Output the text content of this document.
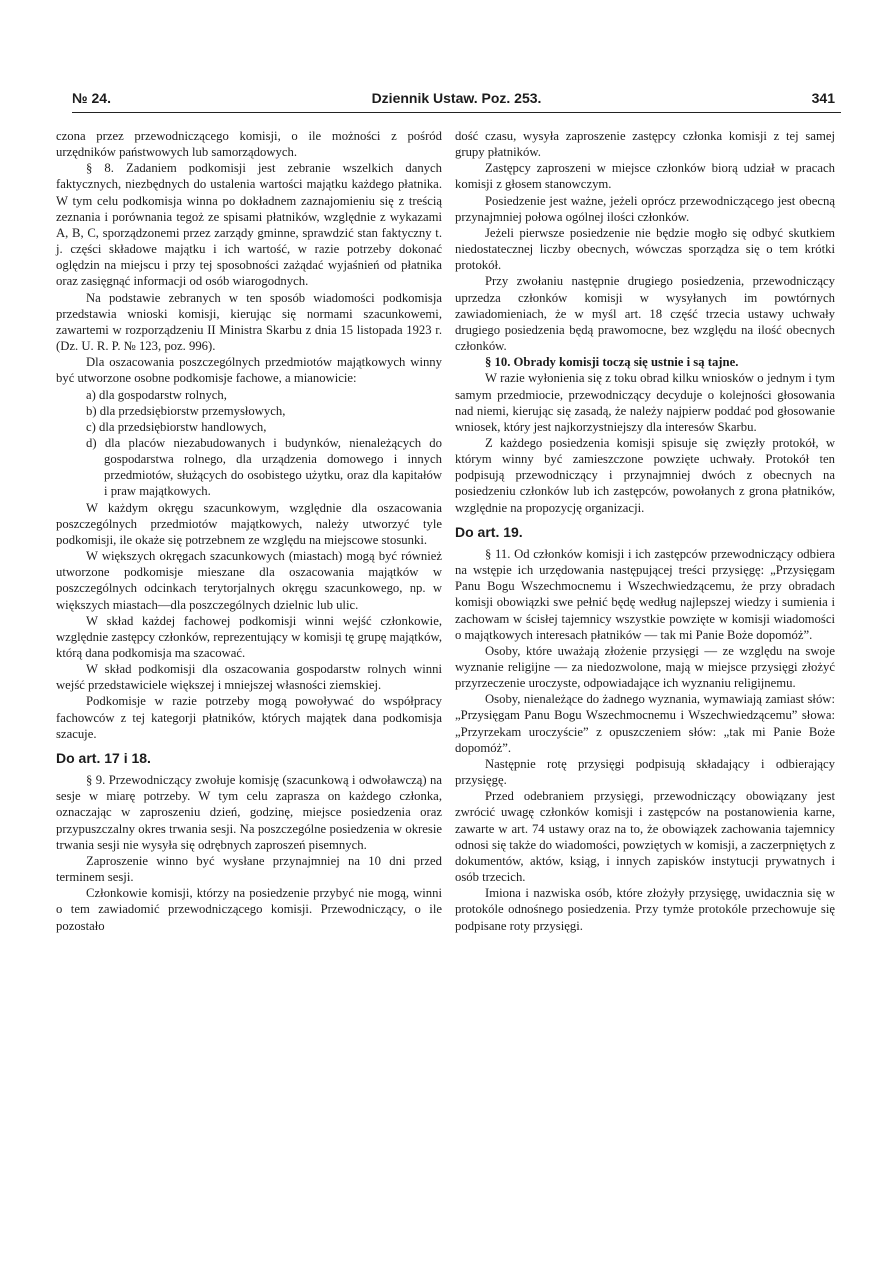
№ 24.	Dziennik Ustaw. Poz. 253.	341

czona przez przewodniczącego komisji, o ile możności z pośród urzędników państwowych lub samorządowych.

§ 8. Zadaniem podkomisji jest zebranie wszelkich danych faktycznych, niezbędnych do ustalenia wartości majątku każdego płatnika. W tym celu podkomisja winna po dokładnem zaznajomieniu się z treścią zeznania i porównania tegoż ze spisami płatników, względnie z wykazami A, B, C, sporządzonemi przez zarządy gminne, sprawdzić stan faktyczny t. j. części składowe majątku i ich wartość, w razie potrzeby dokonać oględzin na miejscu i przy tej sposobności zażądać wyjaśnień od płatnika oraz zasięgnąć informacji od osób wiarogodnych.

Na podstawie zebranych w ten sposób wiadomości podkomisja przedstawia wnioski komisji, kierując się normami szacunkowemi, zawartemi w rozporządzeniu II Ministra Skarbu z dnia 15 listopada 1923 r. (Dz. U. R. P. № 123, poz. 996).

Dla oszacowania poszczególnych przedmiotów majątkowych winny być utworzone osobne podkomisje fachowe, a mianowicie:

a) dla gospodarstw rolnych,
b) dla przedsiębiorstw przemysłowych,
c) dla przedsiębiorstw handlowych,
d) dla placów niezabudowanych i budynków, nienależących do gospodarstwa rolnego, dla urządzenia domowego i innych przedmiotów, służących do osobistego użytku, oraz dla kapitałów i praw majątkowych.

W każdym okręgu szacunkowym, względnie dla oszacowania poszczególnych przedmiotów majątkowych, należy utworzyć tyle podkomisji, ile okaże się potrzebnem ze względu na miejscowe stosunki.

W większych okręgach szacunkowych (miastach) mogą być również utworzone podkomisje mieszane dla oszacowania majątków w poszczególnych odcinkach terytorjalnych okręgu szacunkowego, np. w większych miastach—dla poszczególnych dzielnic lub ulic.

W skład każdej fachowej podkomisji winni wejść członkowie, względnie zastępcy członków, reprezentujący w komisji tę grupę majątków, którą dana podkomisja ma szacować.

W skład podkomisji dla oszacowania gospodarstw rolnych winni wejść przedstawiciele większej i mniejszej własności ziemskiej.

Podkomisje w razie potrzeby mogą powoływać do współpracy fachowców z tej kategorji płatników, których majątek dana podkomisja szacuje.

Do art. 17 i 18.

§ 9. Przewodniczący zwołuje komisję (szacunkową i odwoławczą) na sesje w miarę potrzeby. W tym celu zaprasza on każdego członka, oznaczając w zaproszeniu dzień, godzinę, miejsce posiedzenia oraz przypuszczalny okres trwania sesji. Na poszczególne posiedzenia w okresie trwania sesji nie wysyła się odrębnych zaproszeń pisemnych.

Zaproszenie winno być wysłane przynajmniej na 10 dni przed terminem sesji.

Członkowie komisji, którzy na posiedzenie przybyć nie mogą, winni o tem zawiadomić przewodniczącego komisji. Przewodniczący, o ile pozostało

dość czasu, wysyła zaproszenie zastępcy członka komisji z tej samej grupy płatników.

Zastępcy zaproszeni w miejsce członków biorą udział w pracach komisji z głosem stanowczym.

Posiedzenie jest ważne, jeżeli oprócz przewodniczącego jest obecną przynajmniej połowa ogólnej ilości członków.

Jeżeli pierwsze posiedzenie nie będzie mogło się odbyć skutkiem niedostatecznej liczby obecnych, wówczas sporządza się o tem krótki protokół.

Przy zwołaniu następnie drugiego posiedzenia, przewodniczący uprzedza członków komisji w wysyłanych im powtórnych zawiadomieniach, że w myśl art. 18 część trzecia ustawy uchwały drugiego posiedzenia będą prawomocne, bez względu na ilość obecnych członków.

§ 10. Obrady komisji toczą się ustnie i są tajne.

W razie wyłonienia się z toku obrad kilku wniosków o jednym i tym samym przedmiocie, przewodniczący decyduje o kolejności głosowania nad niemi, kierując się zasadą, że należy najpierw poddać pod głosowanie wniosek, który jest najkorzystniejszy dla interesów Skarbu.

Z każdego posiedzenia komisji spisuje się zwięzły protokół, w którym winny być zamieszczone powzięte uchwały. Protokół ten podpisują przewodniczący i przynajmniej dwóch z obecnych na posiedzeniu członków lub ich zastępców, powołanych z grona płatników, względnie na propozycję organizacji.

Do art. 19.

§ 11. Od członków komisji i ich zastępców przewodniczący odbiera na wstępie ich urzędowania następującej treści przysięgę: „Przysięgam Panu Bogu Wszechmocnemu i Wszechwiedzącemu, że przy obradach komisji obowiązki swe pełnić będę według najlepszej wiedzy i sumienia i zachowam w ścisłej tajemnicy wszystkie powzięte w komisji wiadomości o majątkowych interesach płatników — tak mi Panie Boże dopomóż”.

Osoby, które uważają złożenie przysięgi — ze względu na swoje wyznanie religijne — za niedozwolone, mają w miejsce przysięgi złożyć przyrzeczenie uroczyste, odpowiadające ich wyznaniu religijnemu.

Osoby, nienależące do żadnego wyznania, wymawiają zamiast słów: „Przysięgam Panu Bogu Wszechmocnemu i Wszechwiedzącemu” słowa: „Przyrzekam uroczyście” z opuszczeniem słów: „tak mi Panie Boże dopomóż”.

Następnie rotę przysięgi podpisują składający i odbierający przysięgę.

Przed odebraniem przysięgi, przewodniczący obowiązany jest zwrócić uwagę członków komisji i zastępców na postanowienia karne, zawarte w art. 74 ustawy oraz na to, że obowiązek zachowania tajemnicy odnosi się także do wiadomości, powziętych w komisji, a zaczerpniętych z dokumentów, aktów, ksiąg, i innych zapisków instytucji prywatnych i osób trzecich.

Imiona i nazwiska osób, które złożyły przysięgę, uwidacznia się w protokóle odnośnego posiedzenia. Przy tymże protokóle przechowuje się podpisane roty przysięgi.
